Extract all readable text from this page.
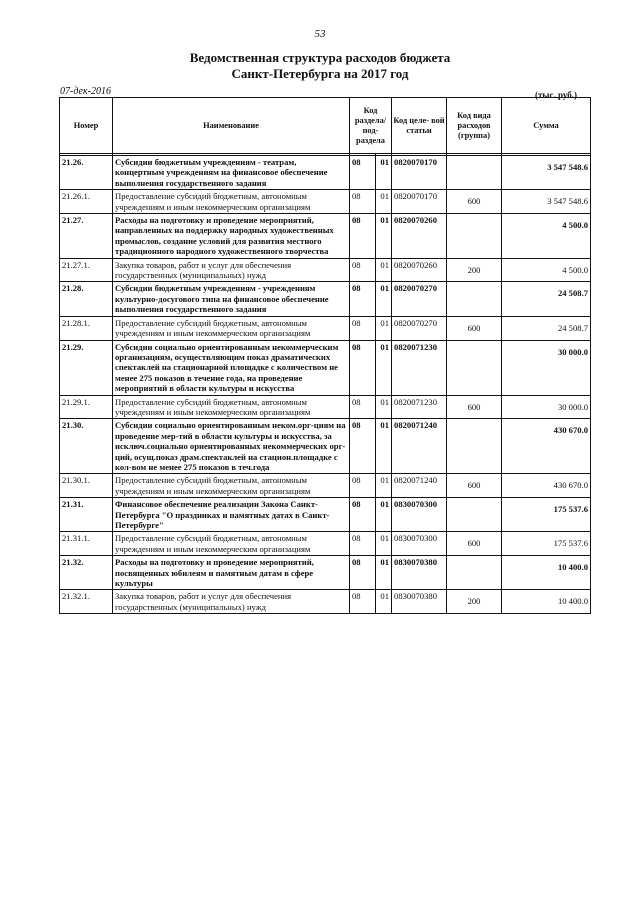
53
Ведомственная структура расходов бюджета
Санкт-Петербурга на 2017 год
07-дек-2016	(тыс. руб.)
Номер	Наименование	Код раздела/ под- раздела		Код целе- вой статьи	Код вида расходов (группа)	Сумма

21.26.	Субсидии бюджетным учреждениям - театрам, концертным учреждениям на финансовое обеспечение выполнения государственного задания	08	01	0820070170		3 547 548.6
21.26.1.	Предоставление субсидий бюджетным, автономным учреждениям и иным некоммерческим организациям	08	01	0820070170	600	3 547 548.6
21.27.	Расходы на подготовку и проведение мероприятий, направленных на поддержку народных художественных промыслов, создание условий для развития местного традиционного народного художественного творчества	08	01	0820070260		4 500.0
21.27.1.	Закупка товаров, работ и услуг для обеспечения государственных (муниципальных) нужд	08	01	0820070260	200	4 500.0
21.28.	Субсидии бюджетным учреждениям - учреждениям культурно-досугового типа на финансовое обеспечение выполнения государственного задания	08	01	0820070270		24 508.7
21.28.1.	Предоставление субсидий бюджетным, автономным учреждениям и иным некоммерческим организациям	08	01	0820070270	600	24 508.7
21.29.	Субсидии социально ориентированным некоммерческим организациям, осуществляющим показ драматических спектаклей на стационарной площадке с количеством не менее 275 показов в течение года, на проведение мероприятий в области культуры и искусства	08	01	0820071230		30 000.0
21.29.1.	Предоставление субсидий бюджетным, автономным учреждениям и иным некоммерческим организациям	08	01	0820071230	600	30 000.0
21.30.	Субсидии социально ориентированным неком.орг-циям на проведение мер-тий в области культуры и искусства, за исключ.социально ориентированных некоммерческих орг-ций, осущ.показ драм.спектаклей на стацион.площадке с кол-вом не менее 275 показов в теч.года	08	01	0820071240		430 670.0
21.30.1.	Предоставление субсидий бюджетным, автономным учреждениям и иным некоммерческим организациям	08	01	0820071240	600	430 670.0
21.31.	Финансовое обеспечение реализации Закона Санкт-Петербурга "О праздниках и памятных датах в Санкт-Петербурге"	08	01	0830070300		175 537.6
21.31.1.	Предоставление субсидий бюджетным, автономным учреждениям и иным некоммерческим организациям	08	01	0830070300	600	175 537.6
21.32.	Расходы на подготовку и проведение мероприятий, посвященных юбилеям и памятным датам в сфере культуры	08	01	0830070380		10 400.0
21.32.1.	Закупка товаров, работ и услуг для обеспечения государственных (муниципальных) нужд	08	01	0830070380	200	10 400.0
